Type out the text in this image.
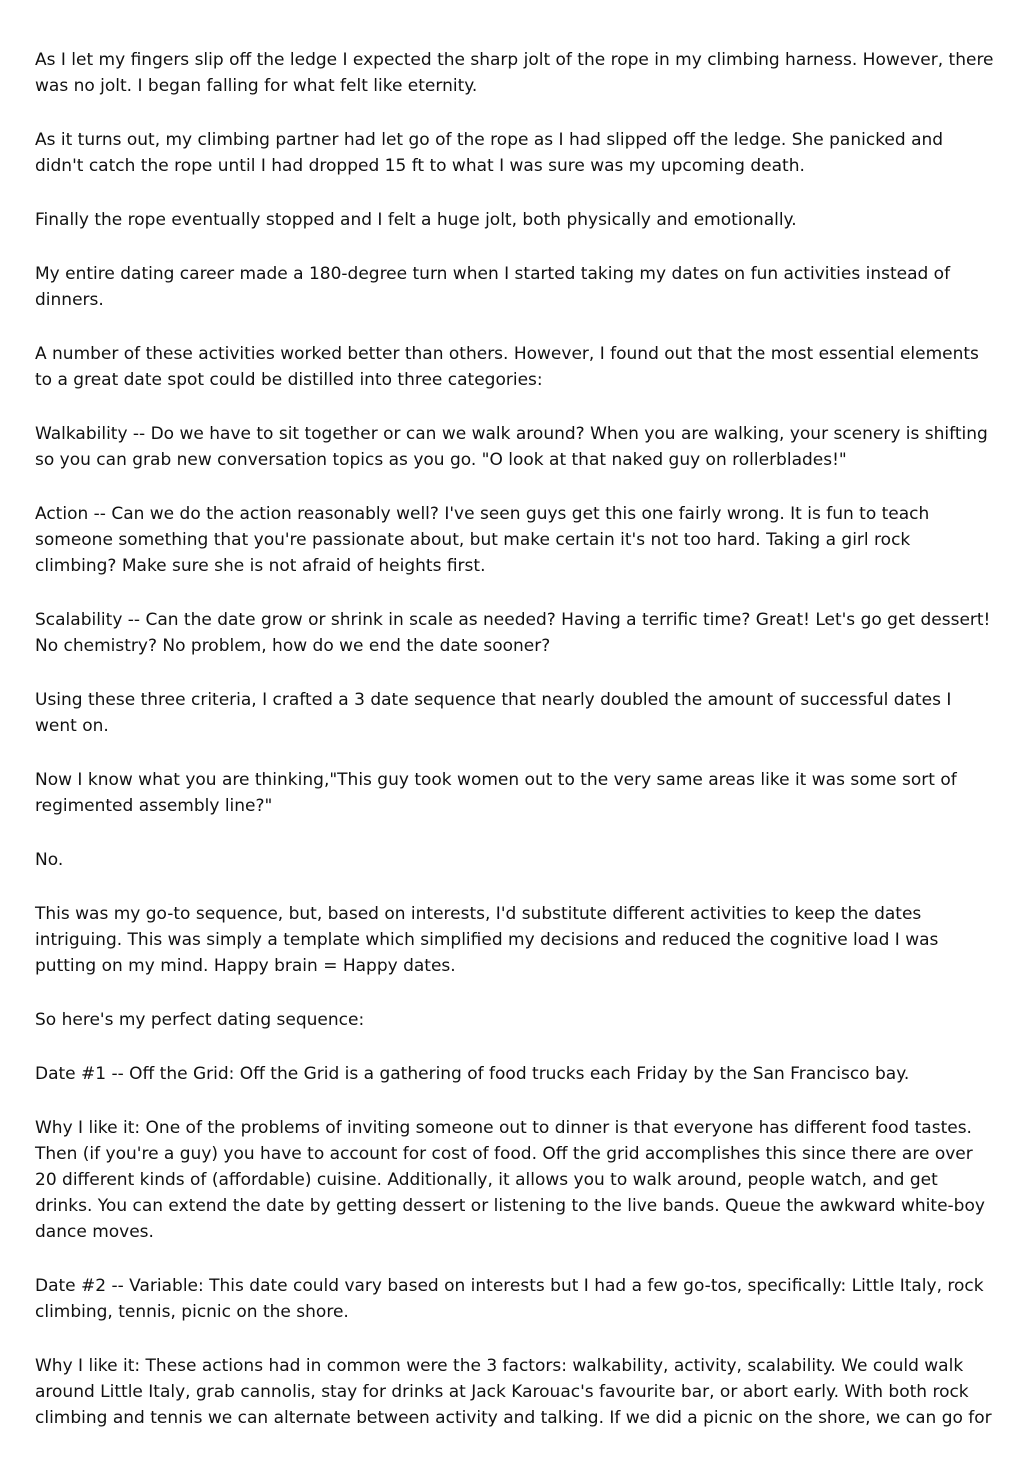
As I let my fingers slip off the ledge I expected the sharp jolt of the rope in my climbing harness. However, there was no jolt. I began falling for what felt like eternity.

As it turns out, my climbing partner had let go of the rope as I had slipped off the ledge. She panicked and didn't catch the rope until I had dropped 15 ft to what I was sure was my upcoming death.

Finally the rope eventually stopped and I felt a huge jolt, both physically and emotionally.

My entire dating career made a 180-degree turn when I started taking my dates on fun activities instead of dinners.

A number of these activities worked better than others. However, I found out that the most essential elements to a great date spot could be distilled into three categories:

Walkability -- Do we have to sit together or can we walk around? When you are walking, your scenery is shifting so you can grab new conversation topics as you go. "O look at that naked guy on rollerblades!"

Action -- Can we do the action reasonably well? I've seen guys get this one fairly wrong. It is fun to teach someone something that you're passionate about, but make certain it's not too hard. Taking a girl rock climbing? Make sure she is not afraid of heights first.

Scalability -- Can the date grow or shrink in scale as needed? Having a terrific time? Great! Let's go get dessert! No chemistry? No problem, how do we end the date sooner?

Using these three criteria, I crafted a 3 date sequence that nearly doubled the amount of successful dates I went on.

Now I know what you are thinking,"This guy took women out to the very same areas like it was some sort of regimented assembly line?"

No.

This was my go-to sequence, but, based on interests, I'd substitute different activities to keep the dates intriguing. This was simply a template which simplified my decisions and reduced the cognitive load I was putting on my mind. Happy brain = Happy dates.

So here's my perfect dating sequence:

Date #1 -- Off the Grid: Off the Grid is a gathering of food trucks each Friday by the San Francisco bay.

Why I like it: One of the problems of inviting someone out to dinner is that everyone has different food tastes. Then (if you're a guy) you have to account for cost of food. Off the grid accomplishes this since there are over 20 different kinds of (affordable) cuisine. Additionally, it allows you to walk around, people watch, and get drinks. You can extend the date by getting dessert or listening to the live bands. Queue the awkward white-boy dance moves.

Date #2 -- Variable: This date could vary based on interests but I had a few go-tos, specifically: Little Italy, rock climbing, tennis, picnic on the shore.

Why I like it: These actions had in common were the 3 factors: walkability, activity, scalability. We could walk around Little Italy, grab cannolis, stay for drinks at Jack Karouac's favourite bar, or abort early. With both rock climbing and tennis we can alternate between activity and talking. If we did a picnic on the shore, we can go for
